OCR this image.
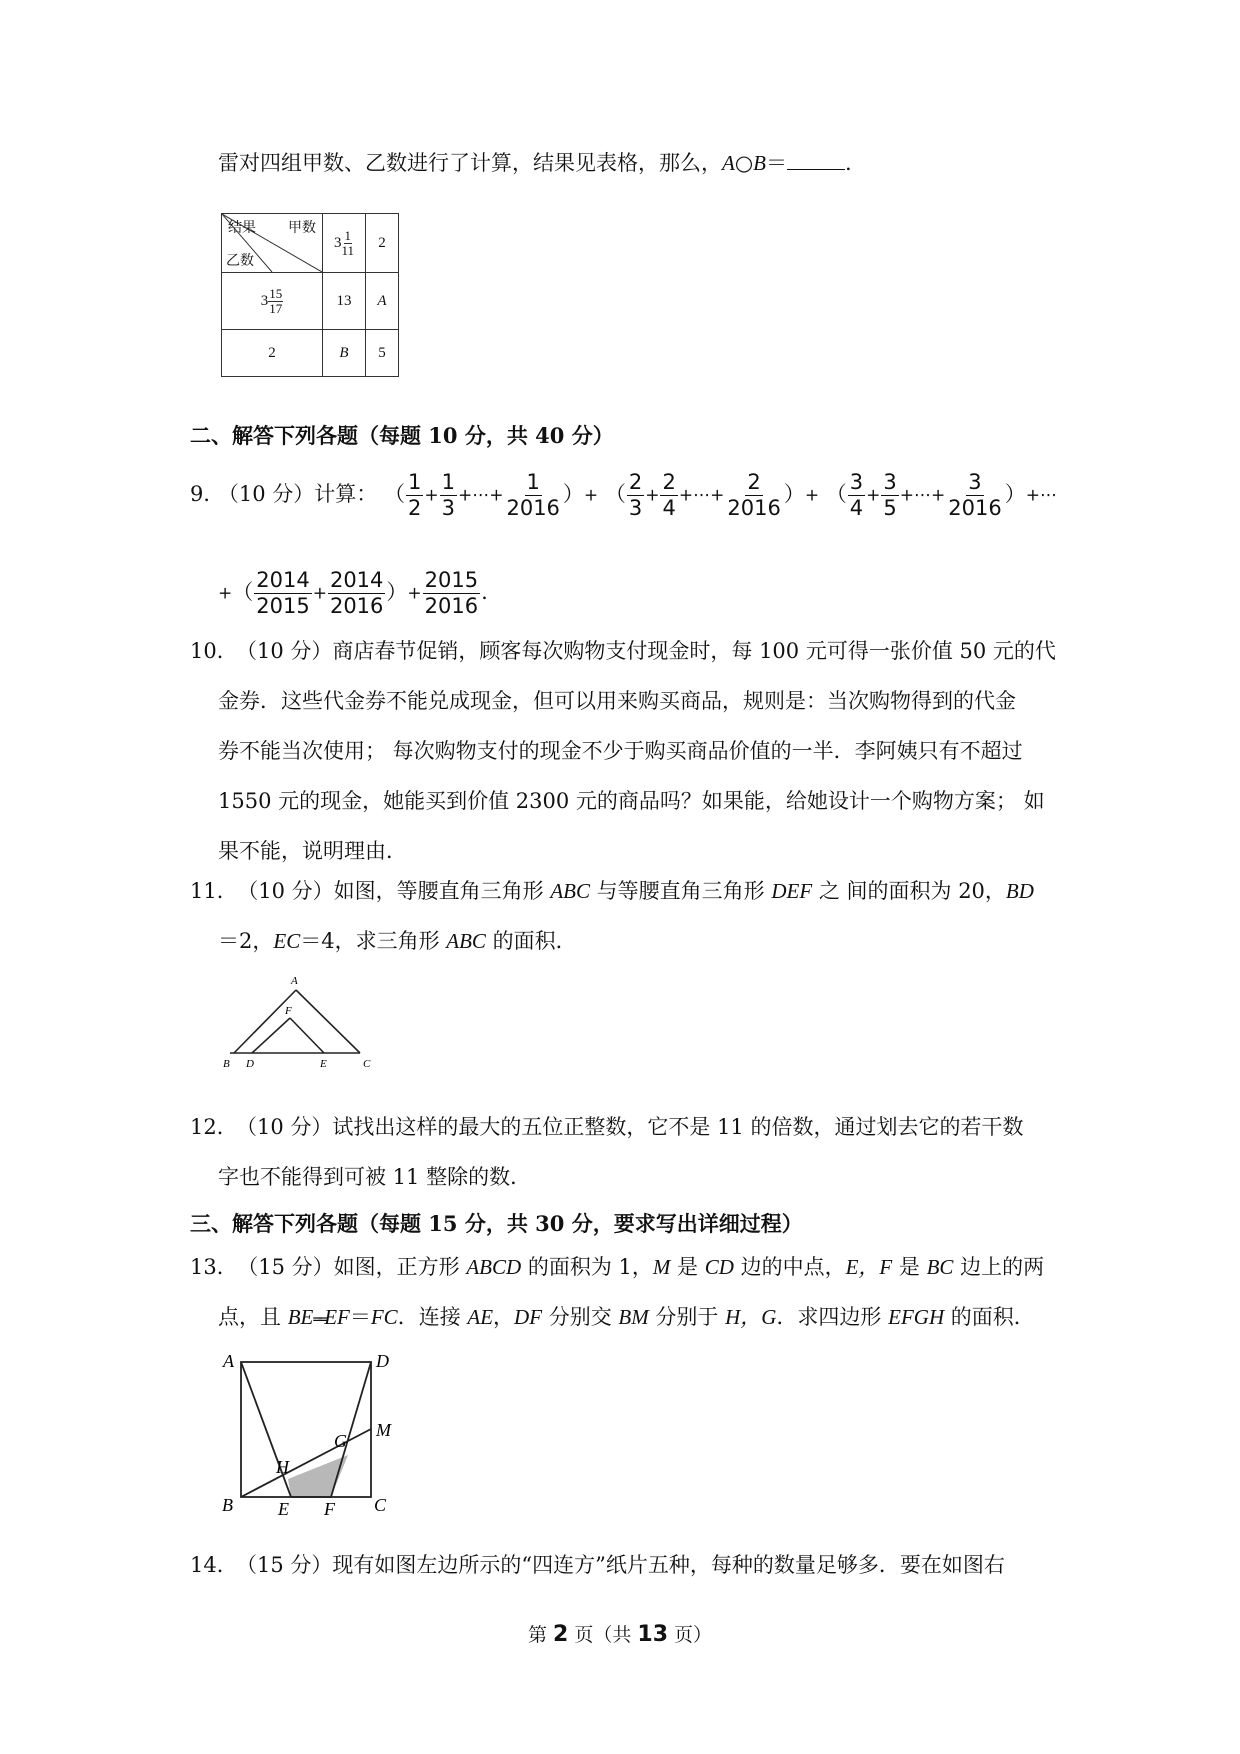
雷对四组甲数、乙数进行了计算，结果见表格，那么，A○B＝	.
甲数
结果
乙数	$3 \frac{1}{11}$	2
$3 \frac{15}{17}$	13	A
2	B	5
二、解答下列各题（每题 10 分，共 40 分）
9． （10 分）计算： （ $\frac{1}{2} + \frac{1}{3}$ +⋯+ $\frac{1}{2016}$ ）+ （ $\frac{2}{3} + \frac{2}{4}$ +⋯+ $\frac{2}{2016}$ ）+ （ $\frac{3}{4} + \frac{3}{5}$ +⋯+ $\frac{3}{2016}$ ）+⋯
+（ $\frac{2014}{2015} + \frac{2014}{2016}$ ）+ $\frac{2015}{2016}$ .
10．
（10 分）商店春节促销，顾客每次购物支付现金时，每 100 元可得一张价值 50 元的代
金券．这些代金券不能兑成现金，但可以用来购买商品，规则是：当次购物得到的代金
券不能当次使用； 每次购物支付的现金不少于购买商品价值的一半．李阿姨只有不超过
1550 元的现金，她能买到价值 2300 元的商品吗？如果能，给她设计一个购物方案； 如
果不能，说明理由．
11． （10 分）如图，等腰直角三角形 ABC 与等腰直角三角形 DEF 之 间的面积为 20，BD
＝2，EC＝4，求三角形 ABC 的面积．
A
F
B D	E	C
12．
（10 分）试找出这样的最大的五位正整数，它不是 11 的倍数，通过划去它的若干数
字也不能得到可被 11 整除的数．
三、解答下列各题（每题 15 分，共 30 分，要求写出详细过程）
13． （15 分）如图，正方形 ABCD 的面积为 1，M 是 CD 边的中点，E，F 是 BC 边上的两
点，且 BE══EF＝FC．连接 AE，DF 分别交 BM 分别于 H，G．求四边形 EFGH 的面积．
A	D
G
M
H
B	E F C
14．
（15 分）现有如图左边所示的“四连方”纸片五种，每种的数量足够多．要在如图右
第 2 页（共 13 页）
